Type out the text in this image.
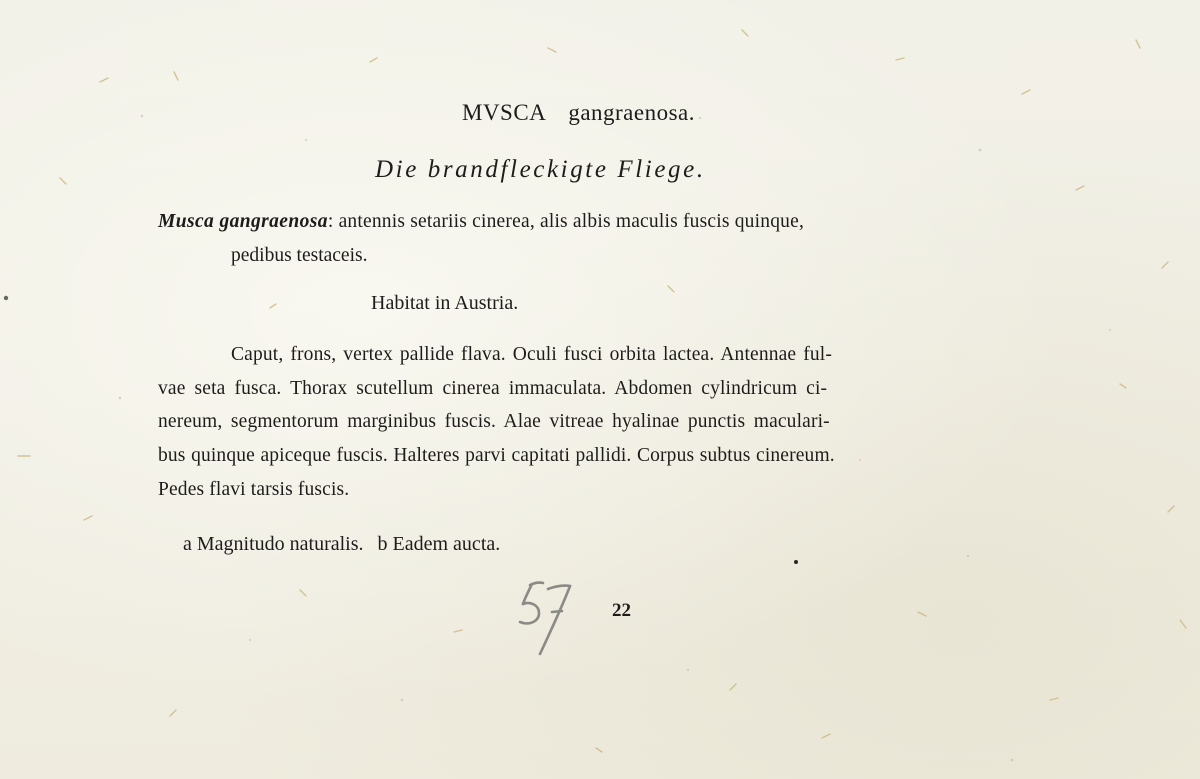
MVSCA gangraenosa.
Die brandfleckigte Fliege.
Musca gangraenosa: antennis setariis cinerea, alis albis maculis fuscis quinque,
pedibus testaceis.
Habitat in Austria.
Caput, frons, vertex pallide flava. Oculi fusci orbita lactea. Antennae ful-
vae seta fusca. Thorax scutellum cinerea immaculata. Abdomen cylindricum ci-
nereum, segmentorum marginibus fuscis. Alae vitreae hyalinae punctis maculari-
bus quinque apiceque fuscis. Halteres parvi capitati pallidi. Corpus subtus cinereum.
Pedes flavi tarsis fuscis.
a Magnitudo naturalis. b Eadem aucta.
22
